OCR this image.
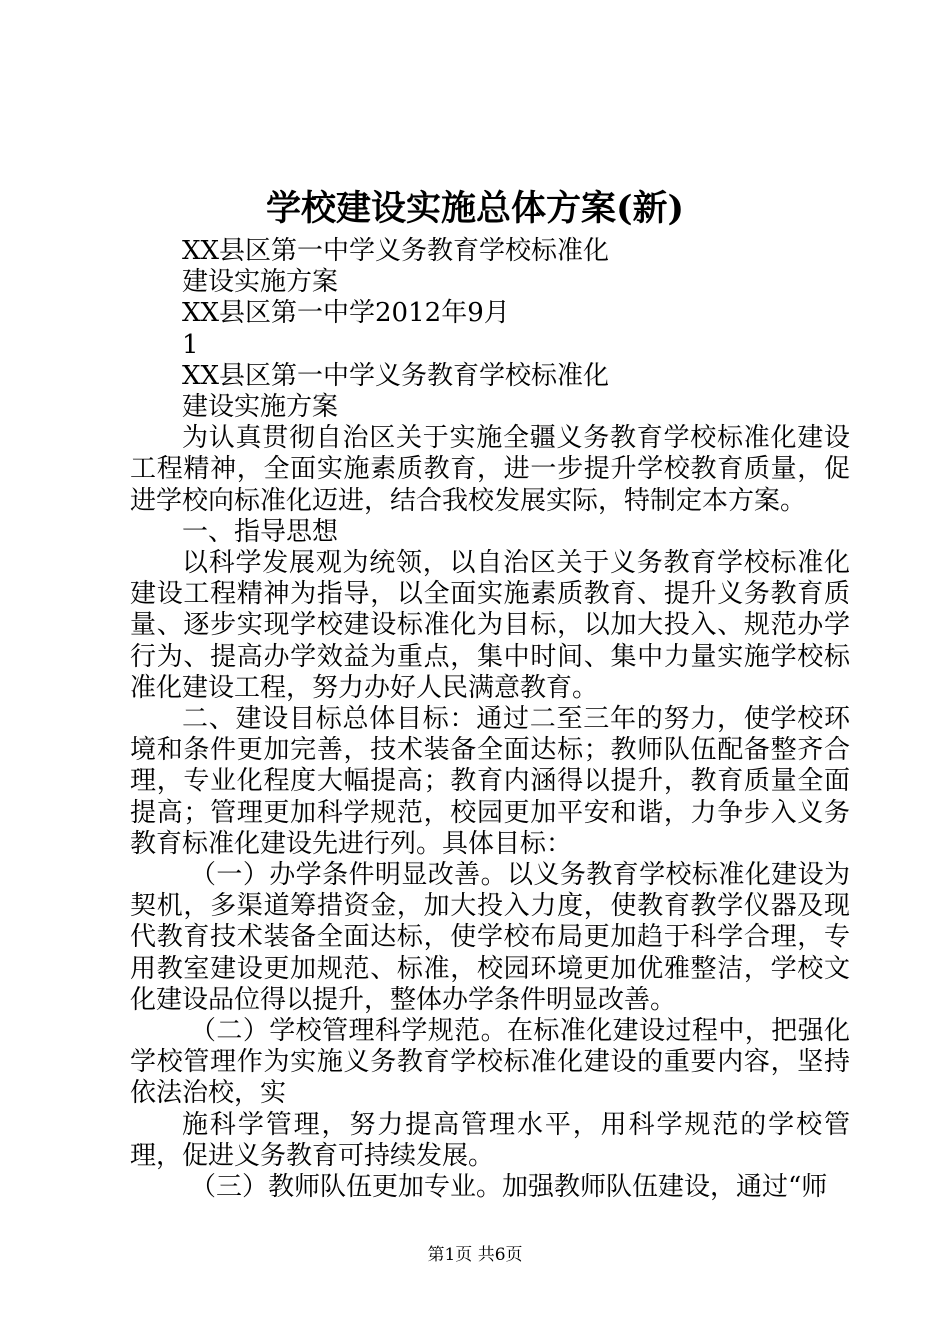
学校建设实施总体方案(新)
XX县区第一中学义务教育学校标准化
建设实施方案
XX县区第一中学2012年9月
1
XX县区第一中学义务教育学校标准化
建设实施方案
为认真贯彻自治区关于实施全疆义务教育学校标准化建设工程精神，全面实施素质教育，进一步提升学校教育质量，促进学校向标准化迈进，结合我校发展实际，特制定本方案。
一、指导思想
以科学发展观为统领，以自治区关于义务教育学校标准化建设工程精神为指导，以全面实施素质教育、提升义务教育质量、逐步实现学校建设标准化为目标，以加大投入、规范办学行为、提高办学效益为重点，集中时间、集中力量实施学校标准化建设工程，努力办好人民满意教育。
二、建设目标总体目标：通过二至三年的努力，使学校环境和条件更加完善，技术装备全面达标；教师队伍配备整齐合理，专业化程度大幅提高；教育内涵得以提升，教育质量全面提高；管理更加科学规范，校园更加平安和谐，力争步入义务教育标准化建设先进行列。具体目标：
（一）办学条件明显改善。以义务教育学校标准化建设为契机，多渠道筹措资金，加大投入力度，使教育教学仪器及现代教育技术装备全面达标，使学校布局更加趋于科学合理，专用教室建设更加规范、标准，校园环境更加优雅整洁，学校文化建设品位得以提升，整体办学条件明显改善。
（二）学校管理科学规范。在标准化建设过程中，把强化学校管理作为实施义务教育学校标准化建设的重要内容，坚持依法治校，实
施科学管理，努力提高管理水平，用科学规范的学校管理，促进义务教育可持续发展。
（三）教师队伍更加专业。加强教师队伍建设，通过“师
第1页 共6页
